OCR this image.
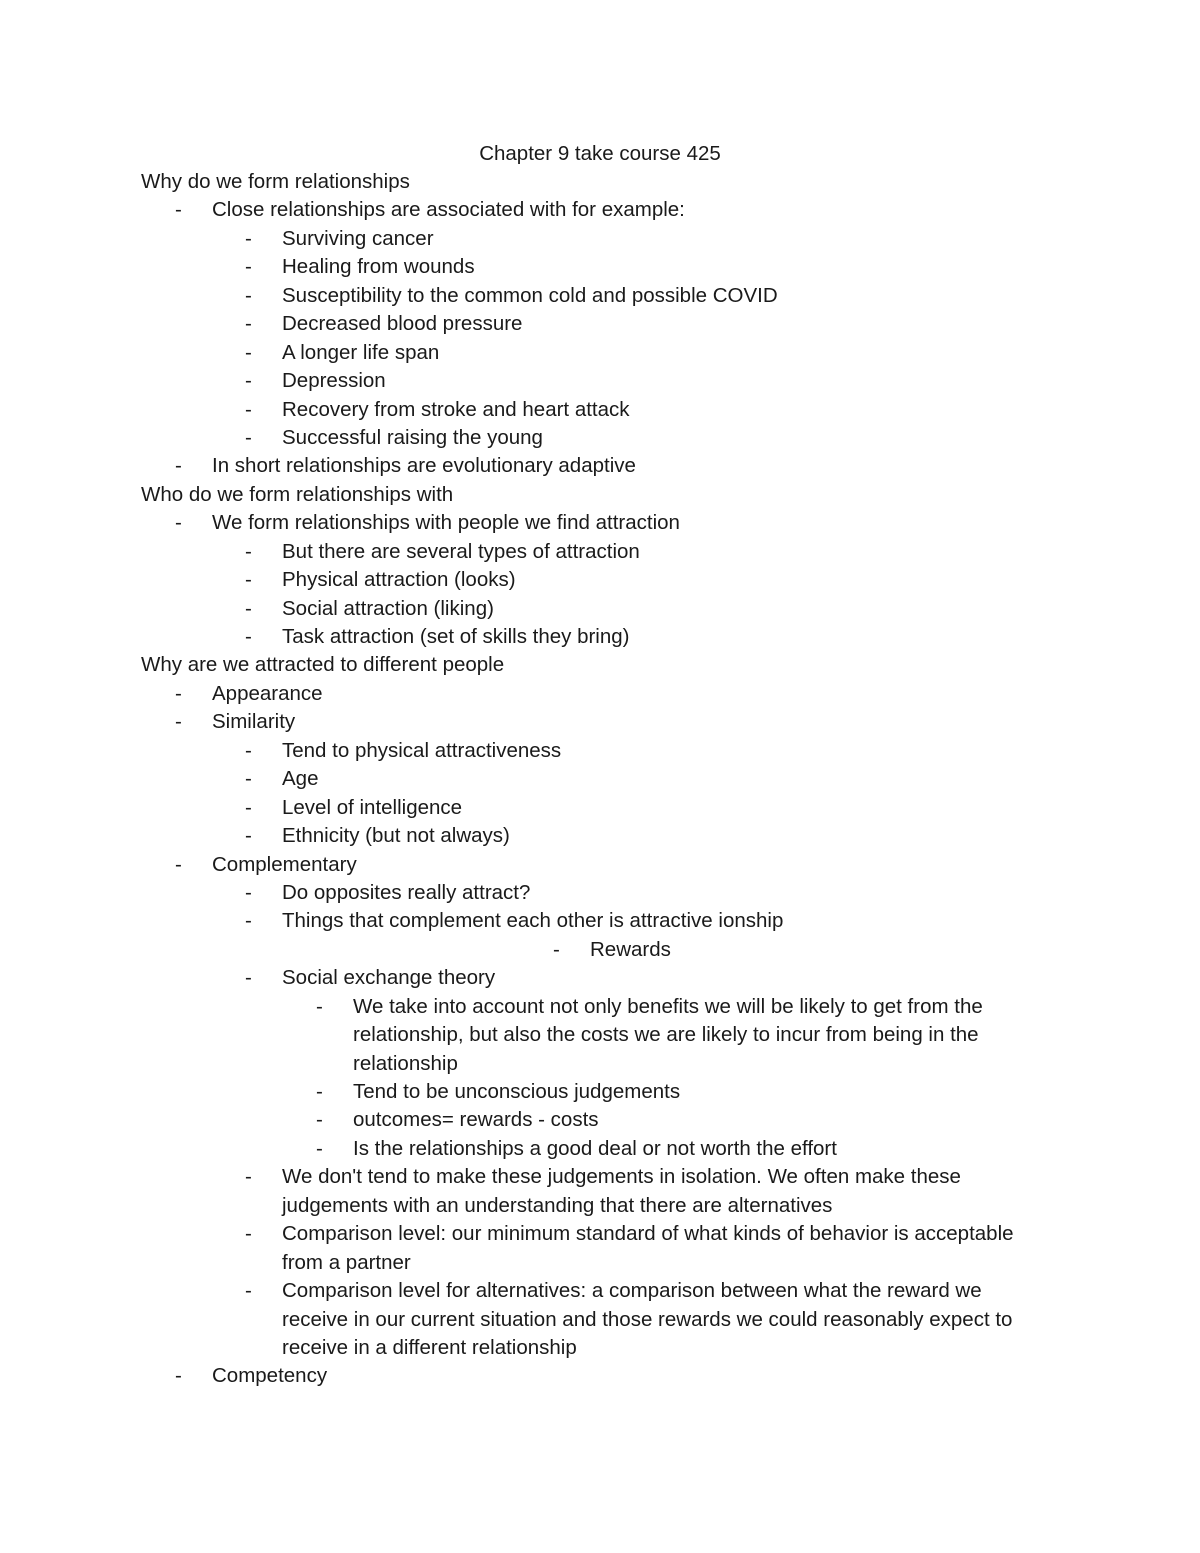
Chapter 9 take course 425
Why do we form relationships
- Close relationships are associated with for example:
- Surviving cancer
- Healing from wounds
- Susceptibility to the common cold and possible COVID
- Decreased blood pressure
- A longer life span
- Depression
- Recovery from stroke and heart attack
- Successful raising the young
- In short relationships are evolutionary adaptive
Who do we form relationships with
- We form relationships with people we find attraction
- But there are several types of attraction
- Physical attraction (looks)
- Social attraction (liking)
- Task attraction (set of skills they bring)
Why are we attracted to different people
- Appearance
- Similarity
- Tend to physical attractiveness
- Age
- Level of intelligence
- Ethnicity (but not always)
- Complementary
- Do opposites really attract?
- Things that complement each other is attractive ionship
- Rewards
- Social exchange theory
- We take into account not only benefits we will be likely to get from the
relationship, but also the costs we are likely to incur from being in the
relationship
- Tend to be unconscious judgements
- outcomes= rewards - costs
- Is the relationships a good deal or not worth the effort
- We don't tend to make these judgements in isolation. We often make these
judgements with an understanding that there are alternatives
- Comparison level: our minimum standard of what kinds of behavior is acceptable
from a partner
- Comparison level for alternatives: a comparison between what the reward we
receive in our current situation and those rewards we could reasonably expect to
receive in a different relationship
- Competency
